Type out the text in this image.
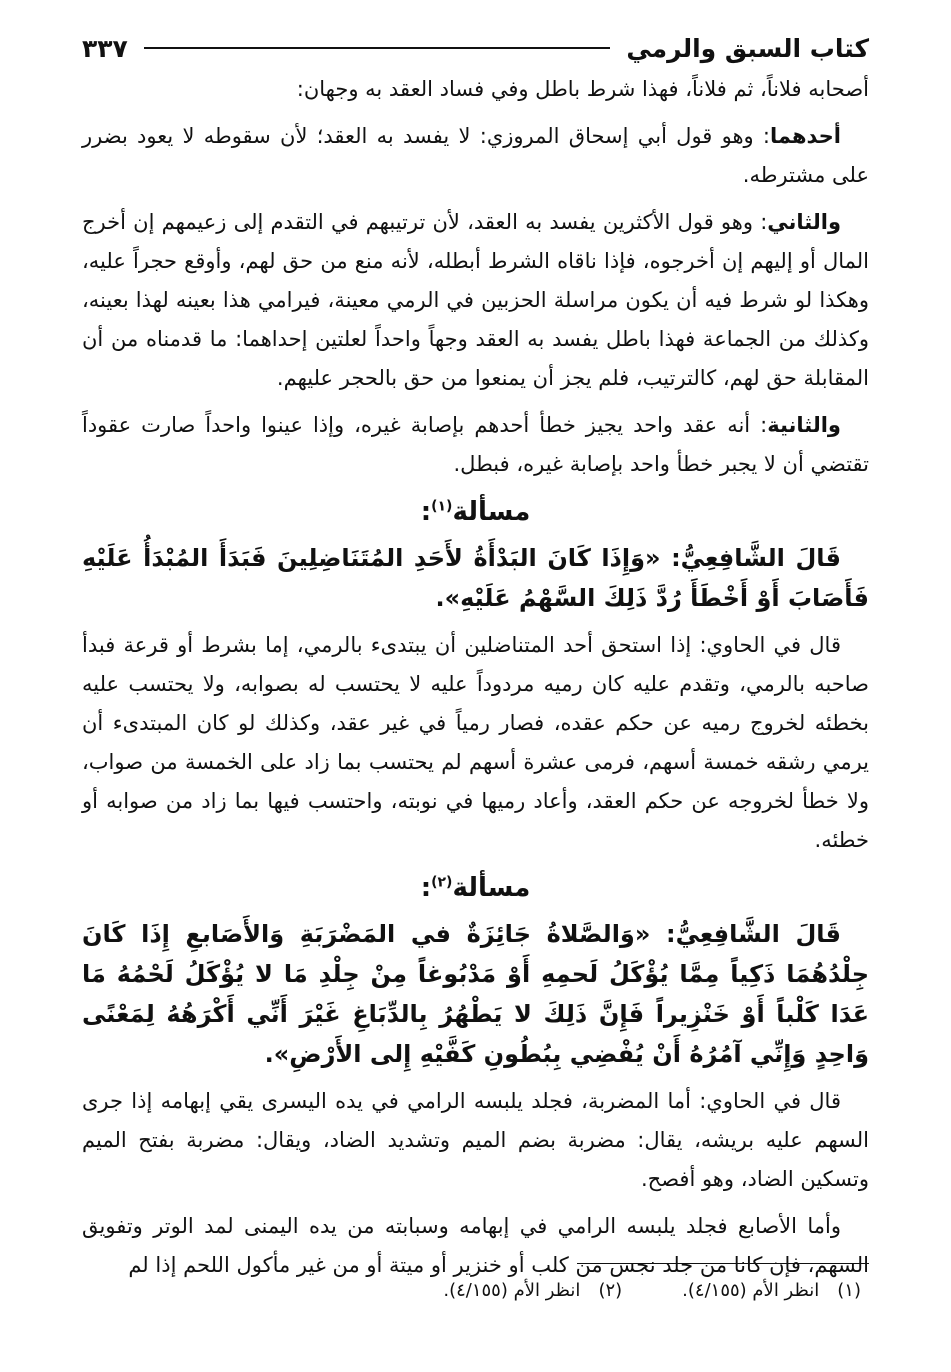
كتاب السبق والرمي
٣٣٧

أصحابه فلاناً، ثم فلاناً، فهذا شرط باطل وفي فساد العقد به وجهان:

أحدهما: وهو قول أبي إسحاق المروزي: لا يفسد به العقد؛ لأن سقوطه لا يعود بضرر على مشترطه.

والثاني: وهو قول الأكثرين يفسد به العقد، لأن ترتيبهم في التقدم إلى زعيمهم إن أخرج المال أو إليهم إن أخرجوه، فإذا ناقاه الشرط أبطله، لأنه منع من حق لهم، وأوقع حجراً عليه، وهكذا لو شرط فيه أن يكون مراسلة الحزبين في الرمي معينة، فيرامي هذا بعينه لهذا بعينه، وكذلك من الجماعة فهذا باطل يفسد به العقد وجهاً واحداً لعلتين إحداهما: ما قدمناه من أن المقابلة حق لهم، كالترتيب، فلم يجز أن يمنعوا من حق بالحجر عليهم.

والثانية: أنه عقد واحد يجيز خطأ أحدهم بإصابة غيره، وإذا عينوا واحداً صارت عقوداً تقتضي أن لا يجبر خطأ واحد بإصابة غيره، فبطل.

مسألة$^{(١)}$:

قَالَ الشَّافِعِيُّ: «وَإِذَا كَانَ البَدْأَةُ لأَحَدِ المُتَنَاضِلِينَ فَبَدَأَ المُبْدَأُ عَلَيْهِ فَأَصَابَ أَوْ أَخْطَأَ رُدَّ ذَلِكَ السَّهْمُ عَلَيْهِ».

قال في الحاوي: إذا استحق أحد المتناضلين أن يبتدىء بالرمي، إما بشرط أو قرعة فبدأ صاحبه بالرمي، وتقدم عليه كان رميه مردوداً عليه لا يحتسب له بصوابه، ولا يحتسب عليه بخطئه لخروج رميه عن حكم عقده، فصار رمياً في غير عقد، وكذلك لو كان المبتدىء أن يرمي رشقه خمسة أسهم، فرمى عشرة أسهم لم يحتسب بما زاد على الخمسة من صواب، ولا خطأ لخروجه عن حكم العقد، وأعاد رميها في نوبته، واحتسب فيها بما زاد من صوابه أو خطئه.

مسألة$^{(٢)}$:

قَالَ الشَّافِعِيُّ: «وَالصَّلاةُ جَائِزَةٌ في المَضْرَبَةِ وَالأَصَابعِ إِذَا كَانَ جِلْدُهُمَا ذَكِياً مِمَّا يُؤْكَلُ لَحمِهِ أَوْ مَدْبُوغاً مِنْ جِلْدِ مَا لا يُؤْكَلُ لَحْمُهُ مَا عَدَا كَلْباً أَوْ خَنْزِيراً فَإِنَّ ذَلِكَ لا يَطْهُرُ بِالدِّبَاغِ غَيْرَ أَنِّي أَكْرَهُهُ لِمَعْنًى وَاحِدٍ وَإِنِّي آمُرُهُ أَنْ يُفْضِي بِبُطُونِ كَفَّيْهِ إِلى الأَرْضِ».

قال في الحاوي: أما المضربة، فجلد يلبسه الرامي في يده اليسرى يقي إبهامه إذا جرى السهم عليه بريشه، يقال: مضربة بضم الميم وتشديد الضاد، ويقال: مضربة بفتح الميم وتسكين الضاد، وهو أفصح.

وأما الأصابع فجلد يلبسه الرامي في إبهامه وسبابته من يده اليمنى لمد الوتر وتفويق السهم، فإن كانا من جلد نجس من كلب أو خنزير أو ميتة أو من غير مأكول اللحم إذا لم

(١)انظر الأم (٤/١٥٥).
(٢)انظر الأم (٤/١٥٥).
